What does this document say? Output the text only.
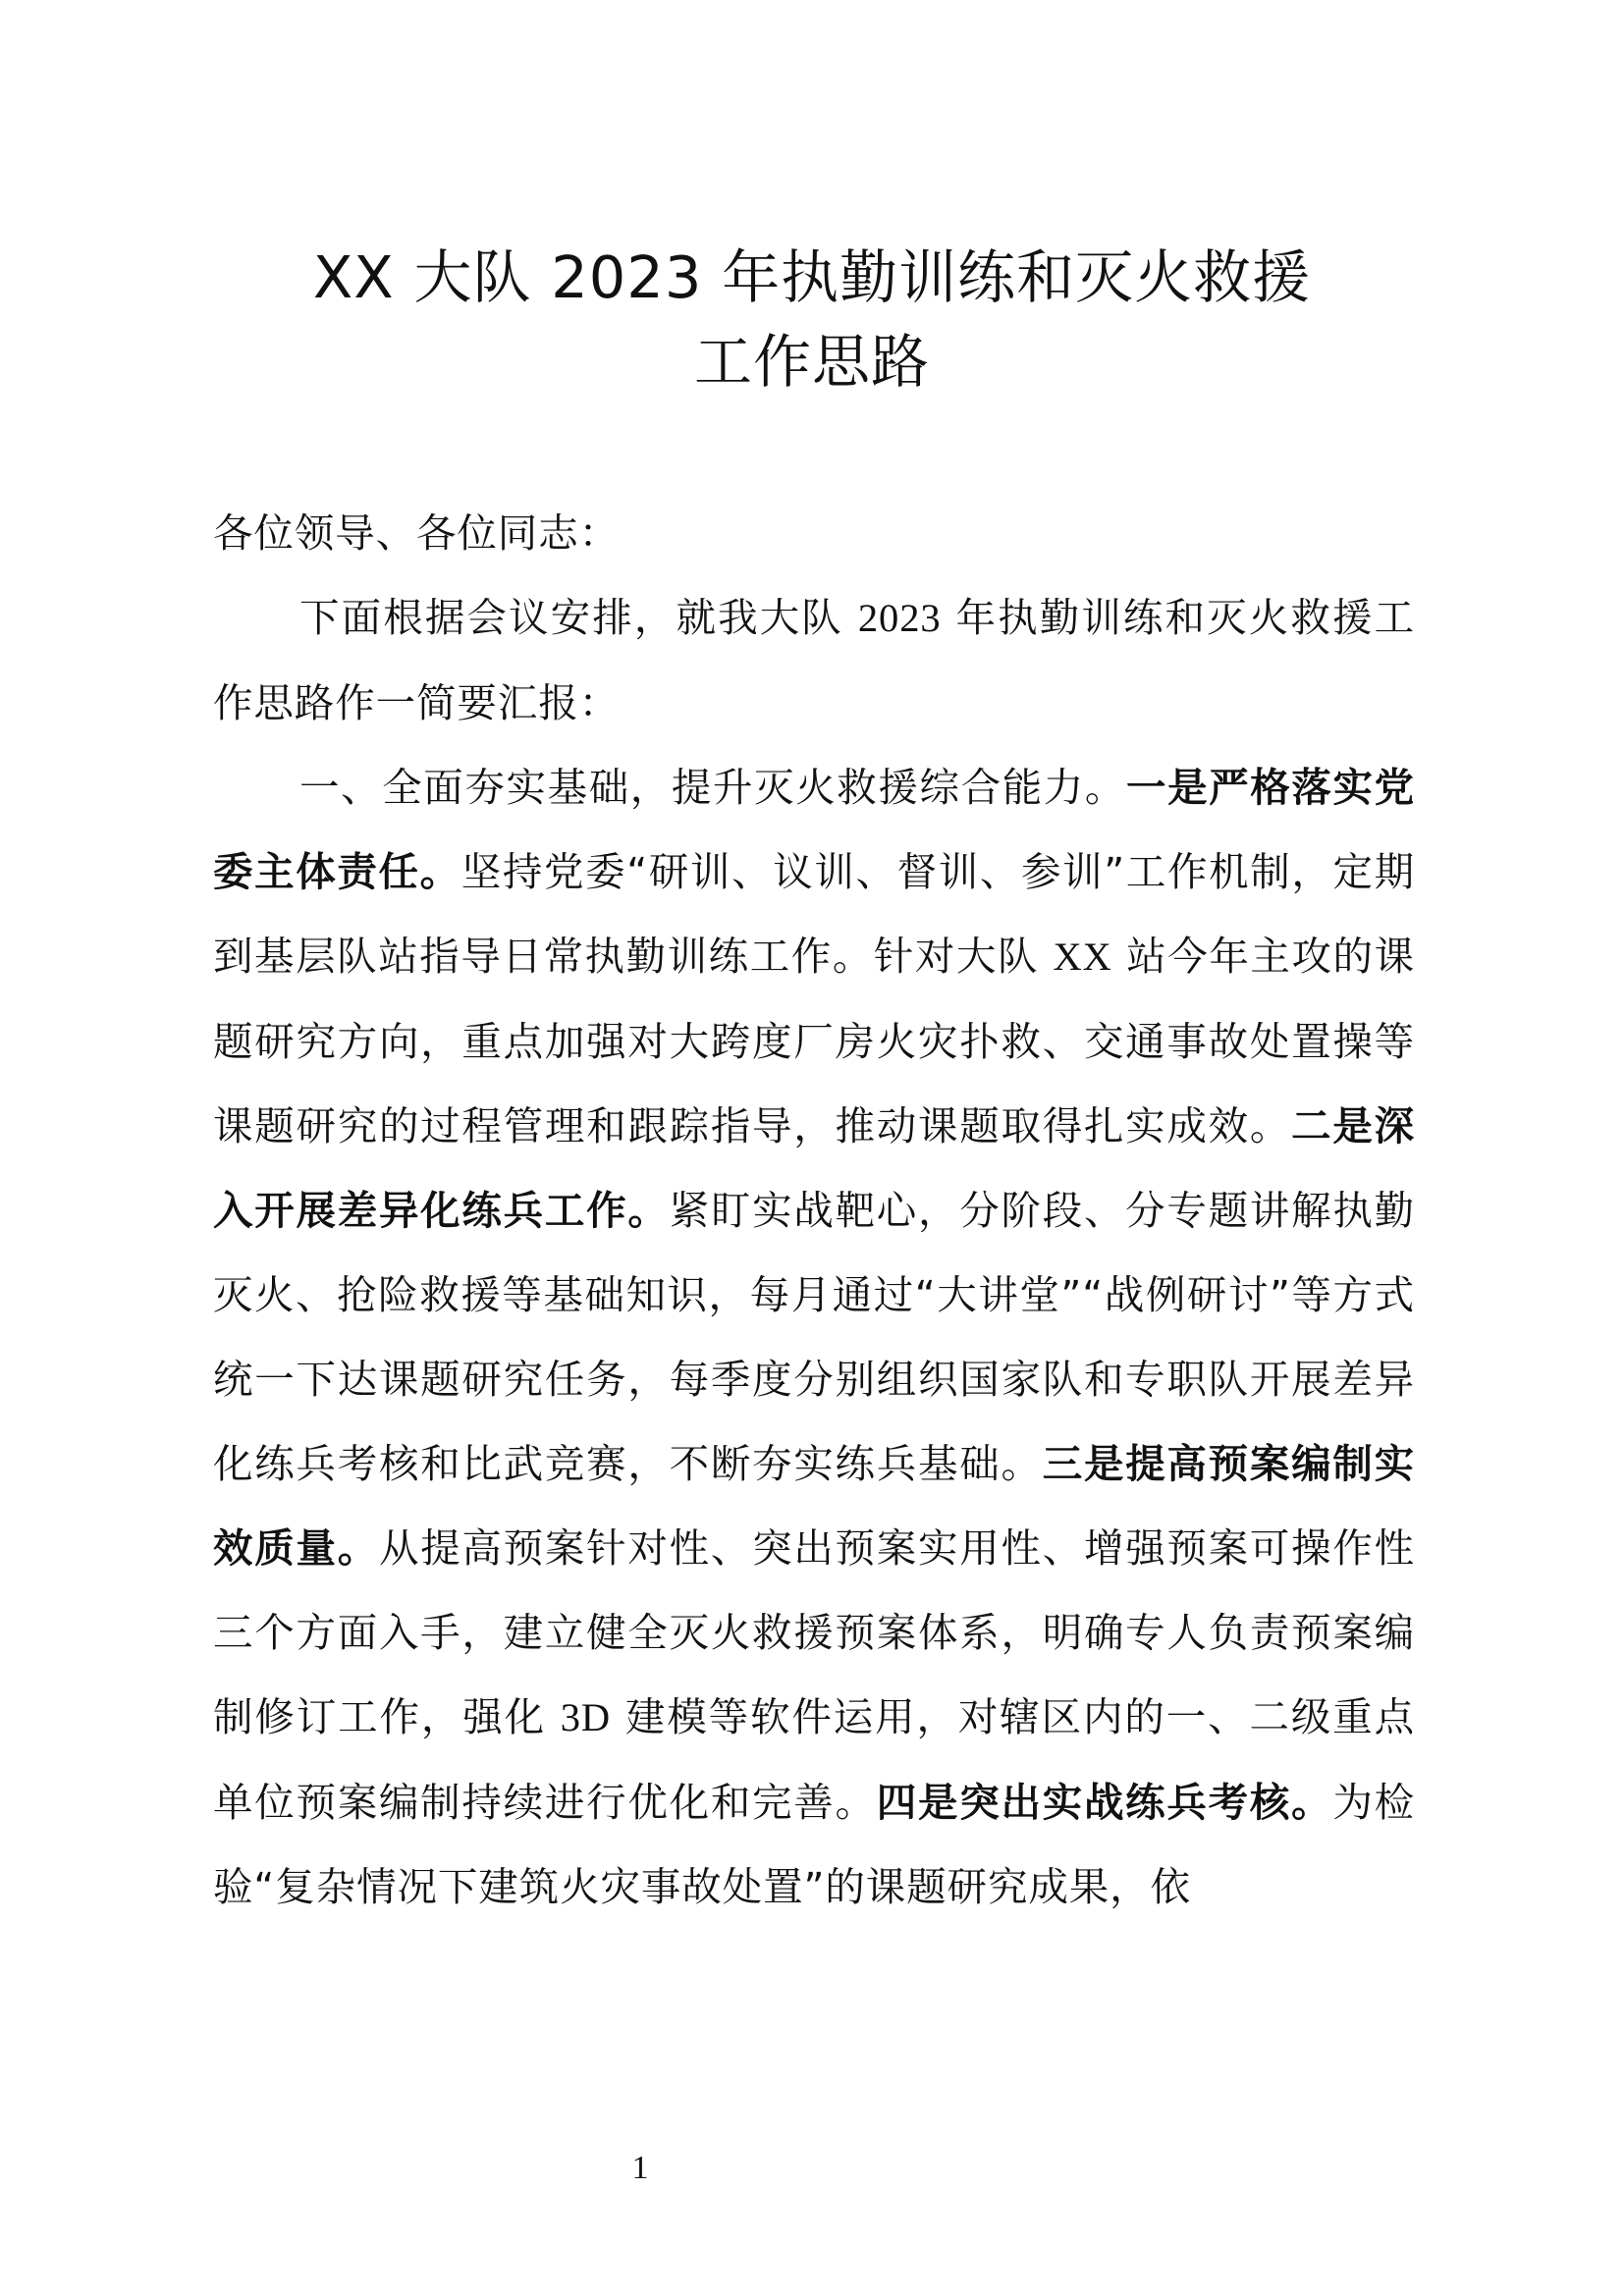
XX 大队 2023 年执勤训练和灭火救援
工作思路

各位领导、各位同志：

下面根据会议安排，就我大队 2023 年执勤训练和灭火救援工作思路作一简要汇报：

一、全面夯实基础，提升灭火救援综合能力。一是严格落实党委主体责任。坚持党委“研训、议训、督训、参训”工作机制，定期到基层队站指导日常执勤训练工作。针对大队 XX 站今年主攻的课题研究方向，重点加强对大跨度厂房火灾扑救、交通事故处置操等课题研究的过程管理和跟踪指导，推动课题取得扎实成效。二是深入开展差异化练兵工作。紧盯实战靶心，分阶段、分专题讲解执勤灭火、抢险救援等基础知识，每月通过“大讲堂”“战例研讨”等方式统一下达课题研究任务，每季度分别组织国家队和专职队开展差异化练兵考核和比武竞赛，不断夯实练兵基础。三是提高预案编制实效质量。从提高预案针对性、突出预案实用性、增强预案可操作性三个方面入手，建立健全灭火救援预案体系，明确专人负责预案编制修订工作，强化 3D 建模等软件运用，对辖区内的一、二级重点单位预案编制持续进行优化和完善。四是突出实战练兵考核。为检验“复杂情况下建筑火灾事故处置”的课题研究成果，依

1
